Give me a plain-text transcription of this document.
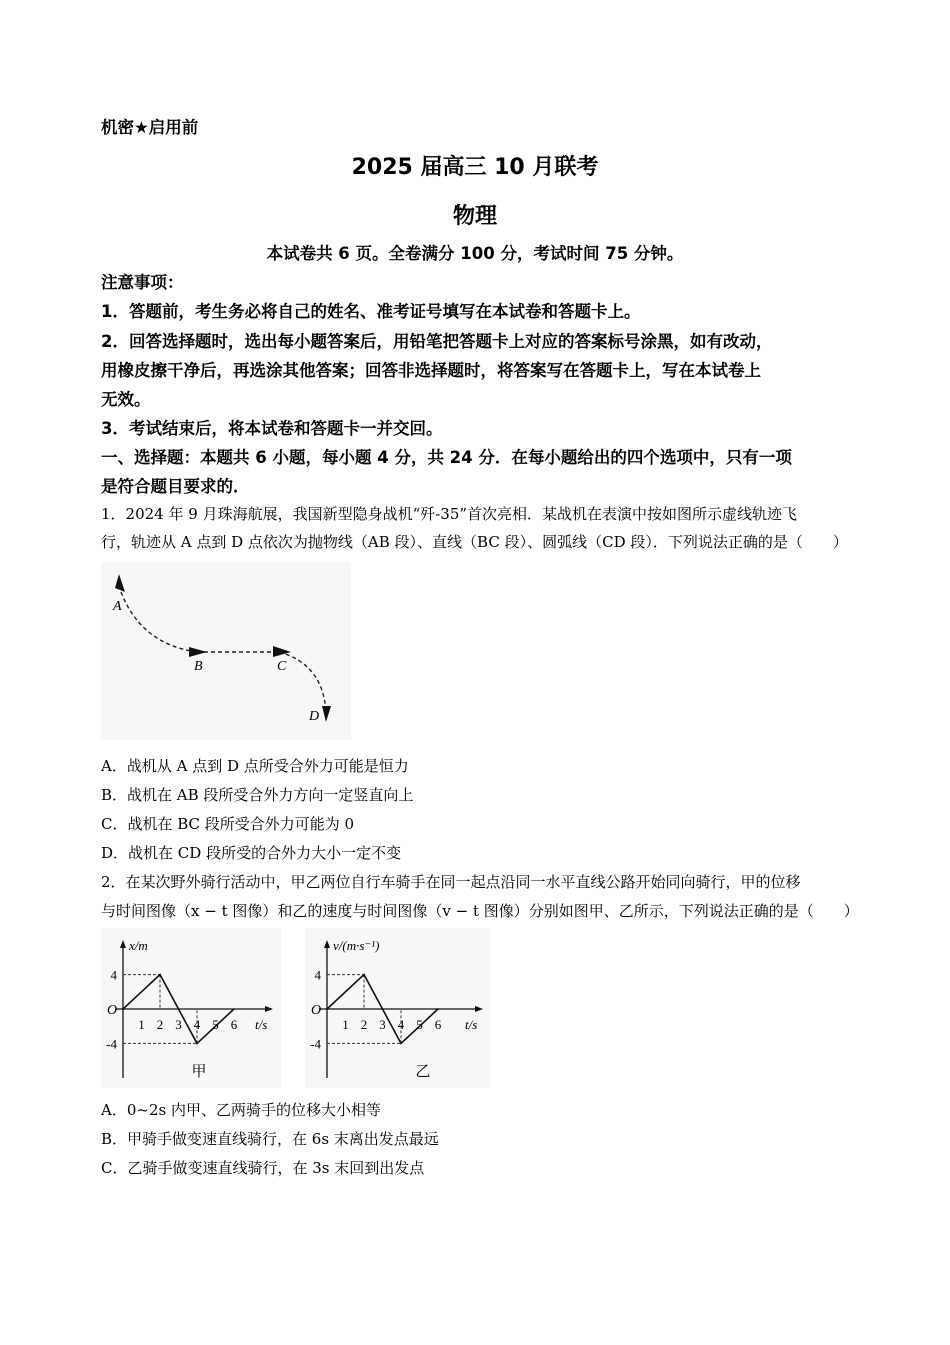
机密★启用前
2025 届高三 10 月联考
物理
本试卷共 6 页。全卷满分 100 分，考试时间 75 分钟。
注意事项：
1．答题前，考生务必将自己的姓名、准考证号填写在本试卷和答题卡上。
2．回答选择题时，选出每小题答案后，用铅笔把答题卡上对应的答案标号涂黑，如有改动，
用橡皮擦干净后，再选涂其他答案；回答非选择题时，将答案写在答题卡上，写在本试卷上
无效。
3．考试结束后，将本试卷和答题卡一并交回。
一、选择题：本题共 6 小题，每小题 4 分，共 24 分．在每小题给出的四个选项中，只有一项
是符合题目要求的．
1．2024 年 9 月珠海航展，我国新型隐身战机“歼-35”首次亮相．某战机在表演中按如图所示虚线轨迹飞
行，轨迹从 A 点到 D 点依次为抛物线（AB 段）、直线（BC 段）、圆弧线（CD 段）．下列说法正确的是（　　）
A
B	C
D
A．战机从 A 点到 D 点所受合外力可能是恒力
B．战机在 AB 段所受合外力方向一定竖直向上
C．战机在 BC 段所受合外力可能为 0
D．战机在 CD 段所受的合外力大小一定不变
2．在某次野外骑行活动中，甲乙两位自行车骑手在同一起点沿同一水平直线公路开始同向骑行，甲的位移
与时间图像（x − t 图像）和乙的速度与时间图像（v − t 图像）分别如图甲、乙所示，下列说法正确的是（　　）
x/m
t/s
O
4
-4
1 2 3 4 5 6
甲
v/(m·s⁻¹)
t/s
O
4
-4
1 2 3 4 5 6
乙
A．0~2s 内甲、乙两骑手的位移大小相等
B．甲骑手做变速直线骑行，在 6s 末离出发点最远
C．乙骑手做变速直线骑行，在 3s 末回到出发点
